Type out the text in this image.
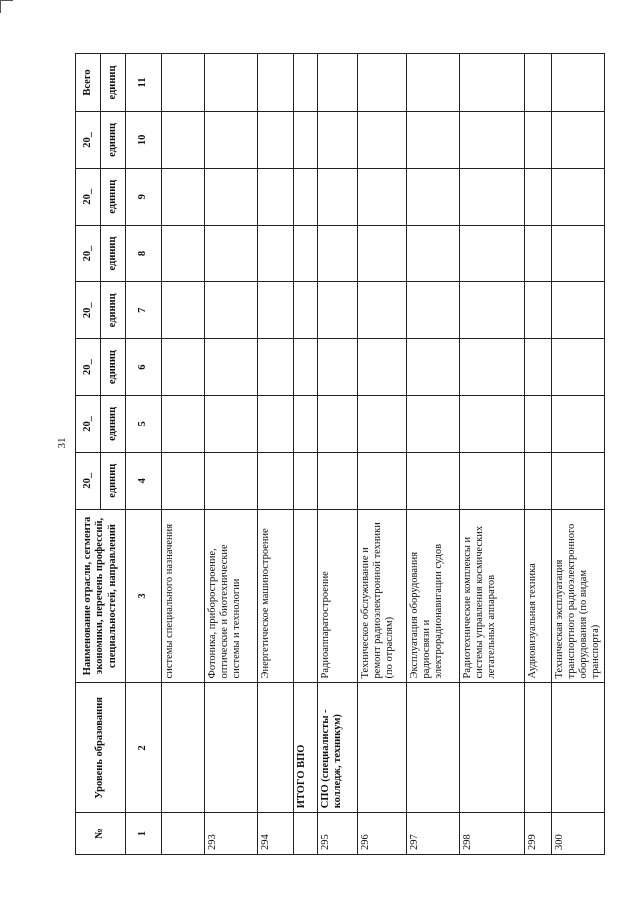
31
№	Уровень образования	Наименование отрасли, сегмента экономики, перечень профессий, специальностей, направлений	20_	20_	20_	20_	20_	20_	20_	Всего
			единиц	единиц	единиц	единиц	единиц	единиц	единиц	единиц
1	2	3	4	5	6	7	8	9	10	11
		системы специального назначения								
293		Фотоника, приборостроение, оптические и биотехнические системы и технологии								
294		Энергетическое машиностроение								
	ИТОГО ВПО									
295	СПО (специалисты - колледж, техникум)	Радиоаппаратостроение								
296		Техническое обслуживание и ремонт радиоэлектронной техники (по отраслям)								
297		Эксплуатация оборудования радиосвязи и электрорадионавигации судов								
298		Радиотехнические комплексы и системы управления космических летательных аппаратов								
299		Аудиовизуальная техника								
300		Техническая эксплуатация транспортного радиоэлектронного оборудования (по видам транспорта)								
